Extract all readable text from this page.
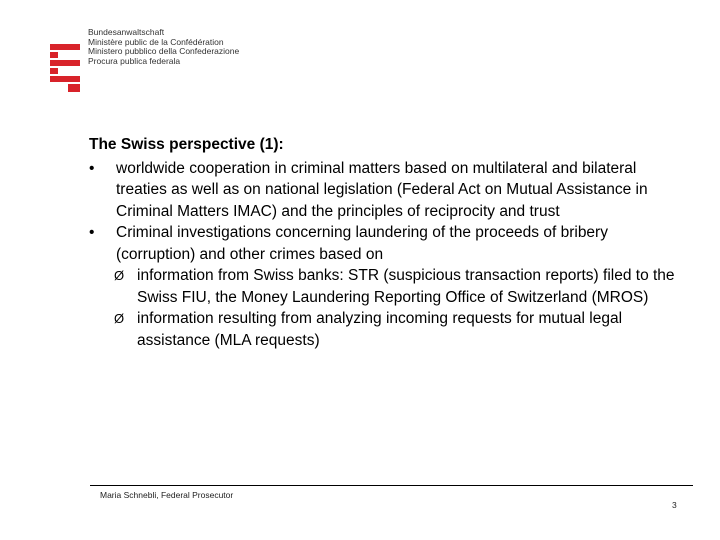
Bundesanwaltschaft
Ministère public de la Confédération
Ministero pubblico della Confederazione
Procura publica federala
The Swiss perspective (1):
•	worldwide cooperation in criminal matters based on multilateral and bilateral treaties as well as on national legislation (Federal Act on Mutual Assistance in Criminal Matters IMAC) and the principles of reciprocity and trust
•	Criminal investigations concerning laundering of the proceeds of bribery (corruption) and other crimes based on
Ø information from Swiss banks: STR (suspicious transaction reports) filed to the Swiss FIU, the Money Laundering Reporting Office of Switzerland (MROS)
Ø information resulting from analyzing incoming requests for mutual legal assistance (MLA requests)
Maria Schnebli, Federal Prosecutor
3
